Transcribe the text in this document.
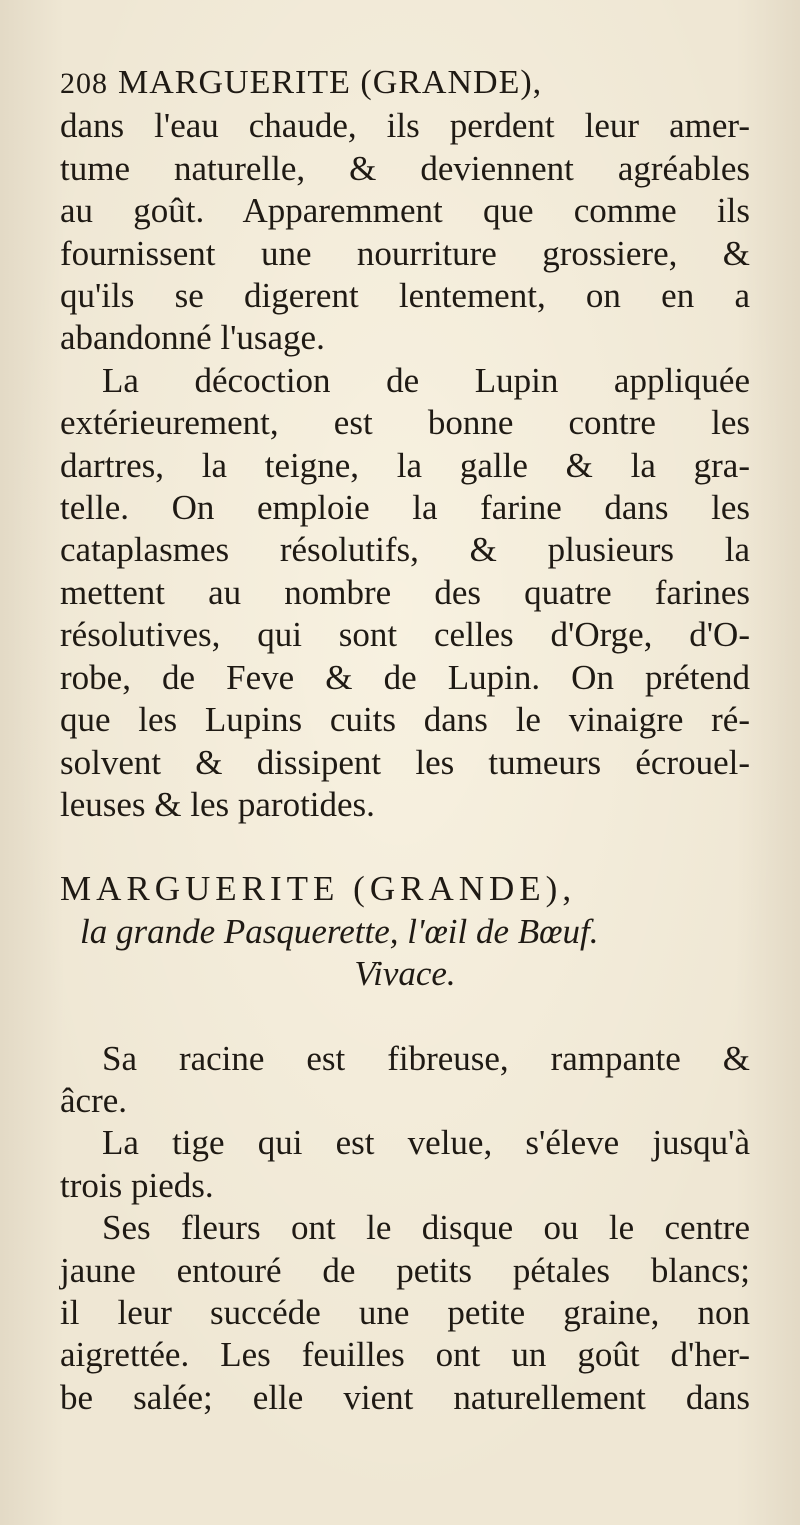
208 MARGUERITE (GRANDE),
dans l'eau chaude, ils perdent leur amer-
tume naturelle, & deviennent agréables
au goût. Apparemment que comme ils
fournissent une nourriture grossiere, &
qu'ils se digerent lentement, on en a
abandonné l'usage.
La décoction de Lupin appliquée
extérieurement, est bonne contre les
dartres, la teigne, la galle & la gra-
telle. On emploie la farine dans les
cataplasmes résolutifs, & plusieurs la
mettent au nombre des quatre farines
résolutives, qui sont celles d'Orge, d'O-
robe, de Feve & de Lupin. On prétend
que les Lupins cuits dans le vinaigre ré-
solvent & dissipent les tumeurs écrouel-
leuses & les parotides.
MARGUERITE (GRANDE),
la grande Pasquerette, l'œil de Bœuf.
Vivace.
Sa racine est fibreuse, rampante &
âcre.
La tige qui est velue, s'éleve jusqu'à
trois pieds.
Ses fleurs ont le disque ou le centre
jaune entouré de petits pétales blancs;
il leur succéde une petite graine, non
aigrettée. Les feuilles ont un goût d'her-
be salée; elle vient naturellement dans
